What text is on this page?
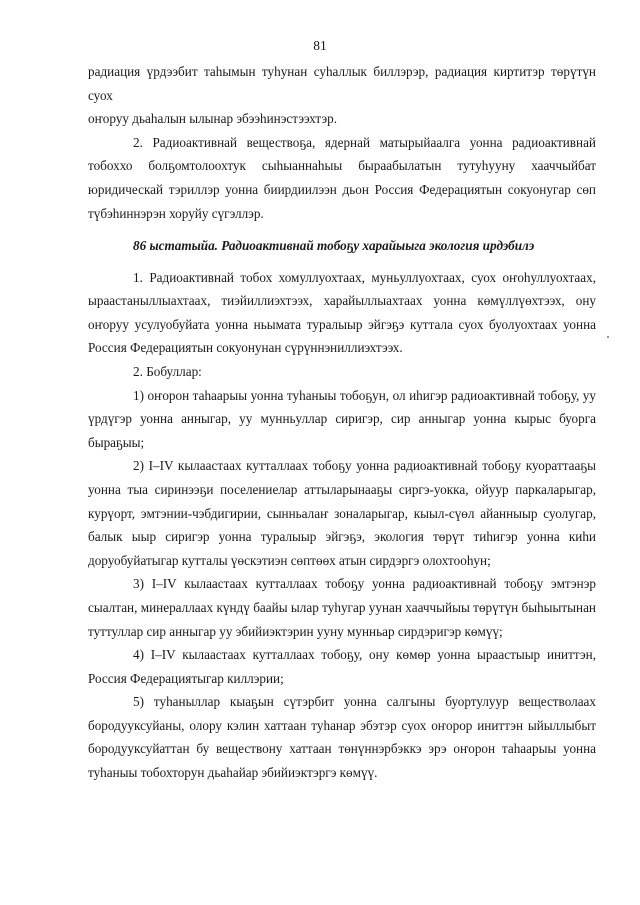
81

радиация үрдээбит таһымын туһунан суһаллык биллэрэр, радиация киртитэр төрүтүн суох

оҥоруу дьаһалын ылынар эбээһинэстээхтэр.

2. Радиоактивнай веществоҕа, ядернай матырыйаалга уонна радиоактивнай тобоххо болҕомтолоохтук сыһыаннаһыы быраабылатын тутуһууну хааччыйбат юридическай тэриллэр уонна биирдиилээн дьон Россия Федерациятын сокуонугар сөп түбэһиннэрэн хоруйу сүгэллэр.

86 ыстатыйа. Радиоактивнай тобоҕу харайыыга экология ирдэбилэ

1. Радиоактивнай тобох хомуллуохтаах, муньуллуохтаах, суох оҥоһуллуохтаах, ыраастаныллыахтаах, тиэйиллиэхтээх, харайыллыахтаах уонна көмүллүөхтээх, ону оҥоруу усулуобуйата уонна ньымата туралыыр эйгэҕэ куттала суох буолуохтаах уонна Россия Федерациятын сокуонунан сүрүннэниллиэхтээх.

2. Бобуллар:

1) оҥорон таһаарыы уонна туһаныы тобоҕун, ол иһигэр радиоактивнай тобоҕу, уу үрдүгэр уонна анныгар, уу мунньуллар сиригэр, сир анныгар уонна кырыс буорга быраҕыы;

2) I–IV кылаастаах кутталлаах тобоҕу уонна радиоактивнай тобоҕу куораттааҕы уонна тыа сиринээҕи поселениелар аттыларынааҕы сиргэ-уокка, ойуур паркаларыгар, курүорт, эмтэнии-чэбдигирии, сынньалаҥ зоналарыгар, кыыл-сүөл айанныыр суолугар, балык ыыр сиригэр уонна туралыыр эйгэҕэ, экология төрүт тиһигэр уонна киһи доруобуйатыгар кутталы үөскэтиэн сөптөөх атын сирдэргэ олохтооһун;

3) I–IV кылаастаах кутталлаах тобоҕу уонна радиоактивнай тобоҕу эмтэнэр сыалтан, минераллаах күндү баайы ылар туһугар уунан хааччыйыы төрүтүн быһыытынан туттуллар сир анныгар уу эбийиэктэрин ууну мунньар сирдэригэр көмүү;

4) I–IV кылаастаах кутталлаах тобоҕу, ону көмөр уонна ыраастыыр иниттэн, Россия Федерациятыгар киллэрии;

5) туһаныллар кыаҕын сүтэрбит уонна салгыны буортулуур веществолаах бородууксуйаны, олору кэлин хаттаан туһанар эбэтэр суох оҥорор иниттэн ыйыллыбыт бородууксуйаттан бу веществону хаттаан төнүннэрбэккэ эрэ оҥорон таһаарыы уонна туһаныы тобохторун дьаһайар эбийиэктэргэ көмүү.
